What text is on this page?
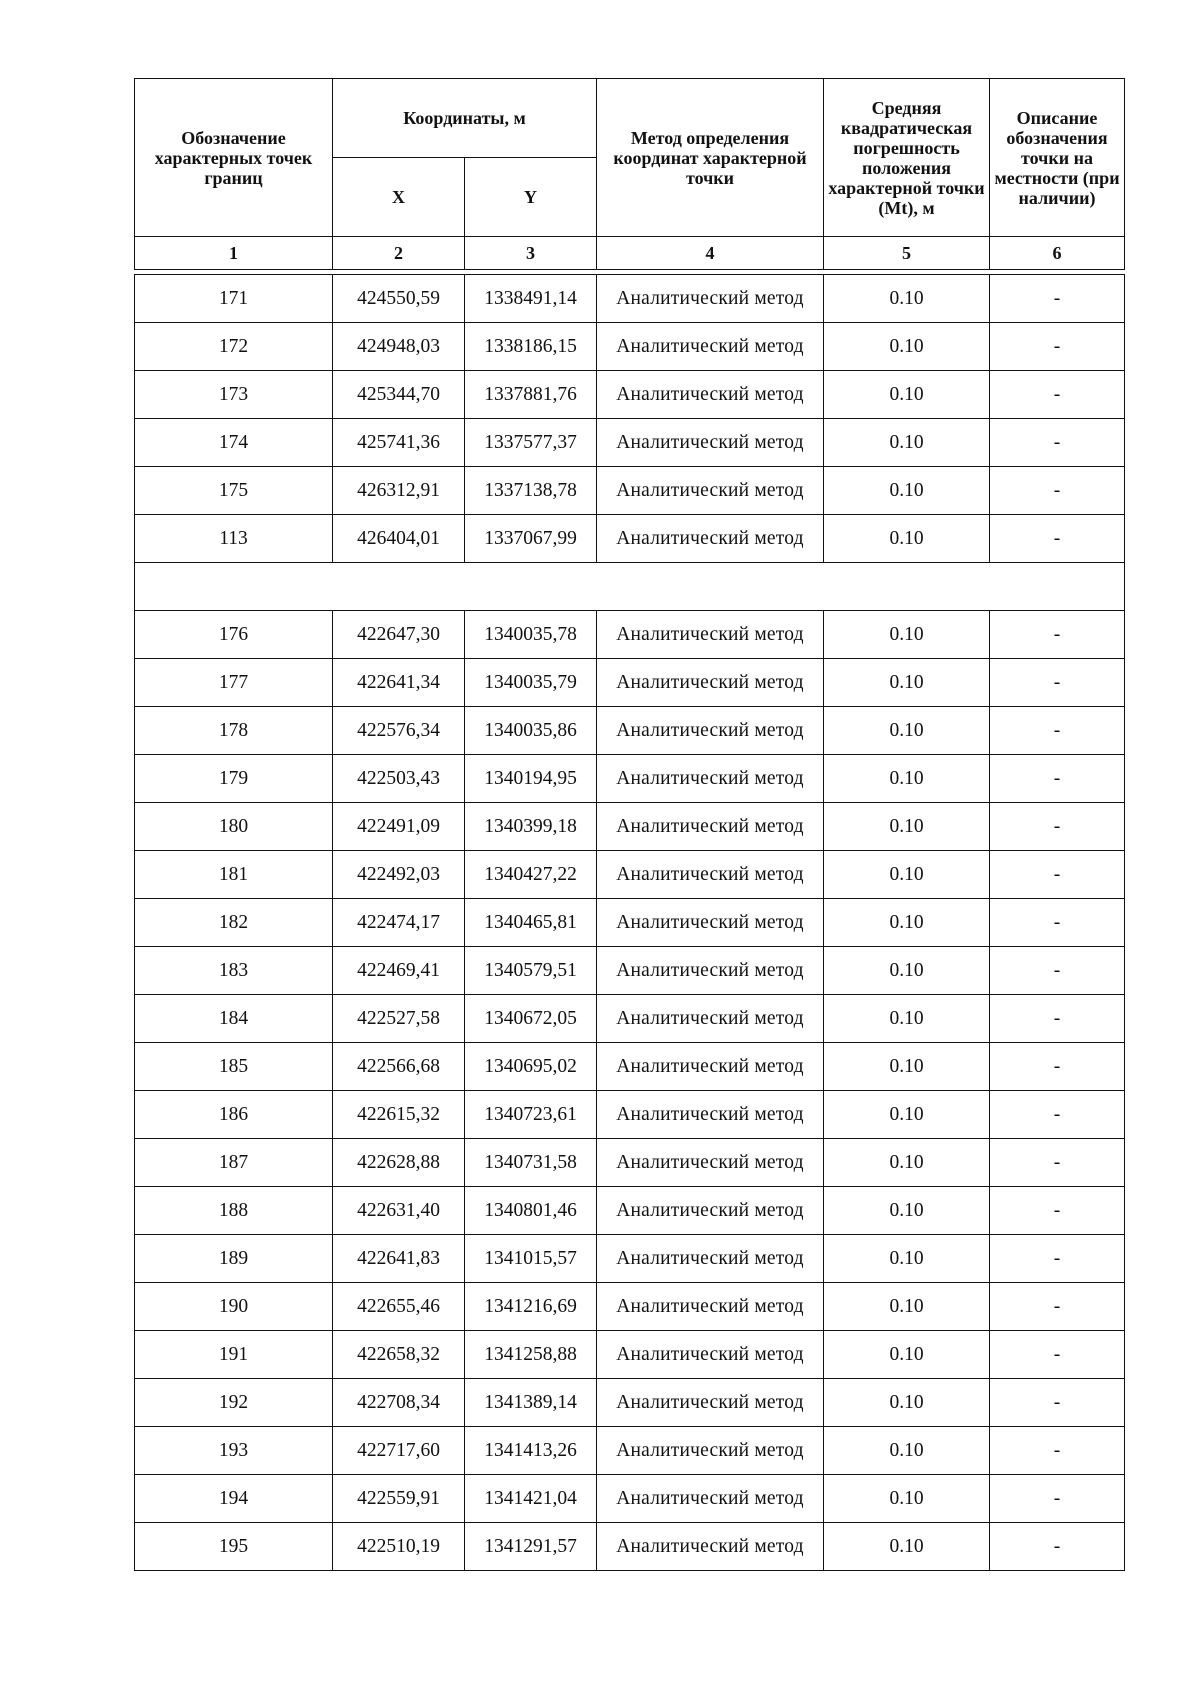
Обозначение характерных точек границ	Координаты, м		Метод определения координат характерной точки	Средняя квадратическая погрешность положения характерной точки (Mt), м	Описание обозначения точки на местности (при наличии)
	X	Y			
1	2	3	4	5	6

171	424550,59	1338491,14	Аналитический метод	0.10	-
172	424948,03	1338186,15	Аналитический метод	0.10	-
173	425344,70	1337881,76	Аналитический метод	0.10	-
174	425741,36	1337577,37	Аналитический метод	0.10	-
175	426312,91	1337138,78	Аналитический метод	0.10	-
113	426404,01	1337067,99	Аналитический метод	0.10	-

176	422647,30	1340035,78	Аналитический метод	0.10	-
177	422641,34	1340035,79	Аналитический метод	0.10	-
178	422576,34	1340035,86	Аналитический метод	0.10	-
179	422503,43	1340194,95	Аналитический метод	0.10	-
180	422491,09	1340399,18	Аналитический метод	0.10	-
181	422492,03	1340427,22	Аналитический метод	0.10	-
182	422474,17	1340465,81	Аналитический метод	0.10	-
183	422469,41	1340579,51	Аналитический метод	0.10	-
184	422527,58	1340672,05	Аналитический метод	0.10	-
185	422566,68	1340695,02	Аналитический метод	0.10	-
186	422615,32	1340723,61	Аналитический метод	0.10	-
187	422628,88	1340731,58	Аналитический метод	0.10	-
188	422631,40	1340801,46	Аналитический метод	0.10	-
189	422641,83	1341015,57	Аналитический метод	0.10	-
190	422655,46	1341216,69	Аналитический метод	0.10	-
191	422658,32	1341258,88	Аналитический метод	0.10	-
192	422708,34	1341389,14	Аналитический метод	0.10	-
193	422717,60	1341413,26	Аналитический метод	0.10	-
194	422559,91	1341421,04	Аналитический метод	0.10	-
195	422510,19	1341291,57	Аналитический метод	0.10	-
